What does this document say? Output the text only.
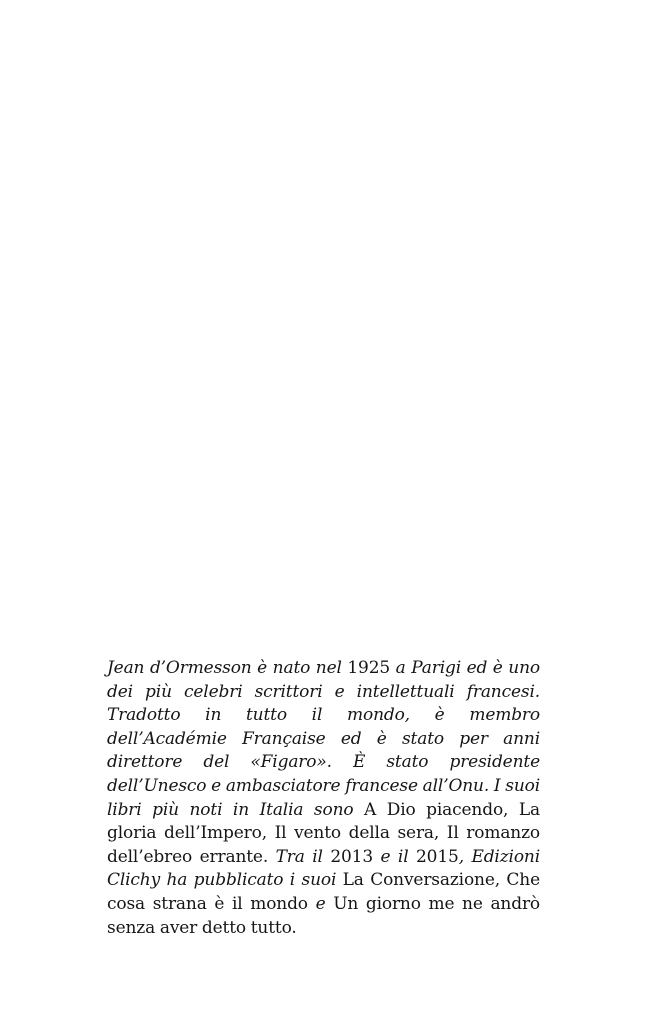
Jean d’Ormesson è nato nel 1925 a Parigi ed è uno dei più celebri scrittori e intellettuali francesi. Tradotto in tutto il mondo, è membro dell’Académie Française ed è stato per anni direttore del «Figaro». È stato presidente dell’Unesco e ambasciatore francese all’Onu. I suoi libri più noti in Italia sono A Dio piacendo, La gloria dell’Impero, Il vento della sera, Il romanzo dell’ebreo errante. Tra il 2013 e il 2015, Edizioni Clichy ha pubblicato i suoi La Conversazione, Che cosa strana è il mondo e Un giorno me ne andrò senza aver detto tutto.
